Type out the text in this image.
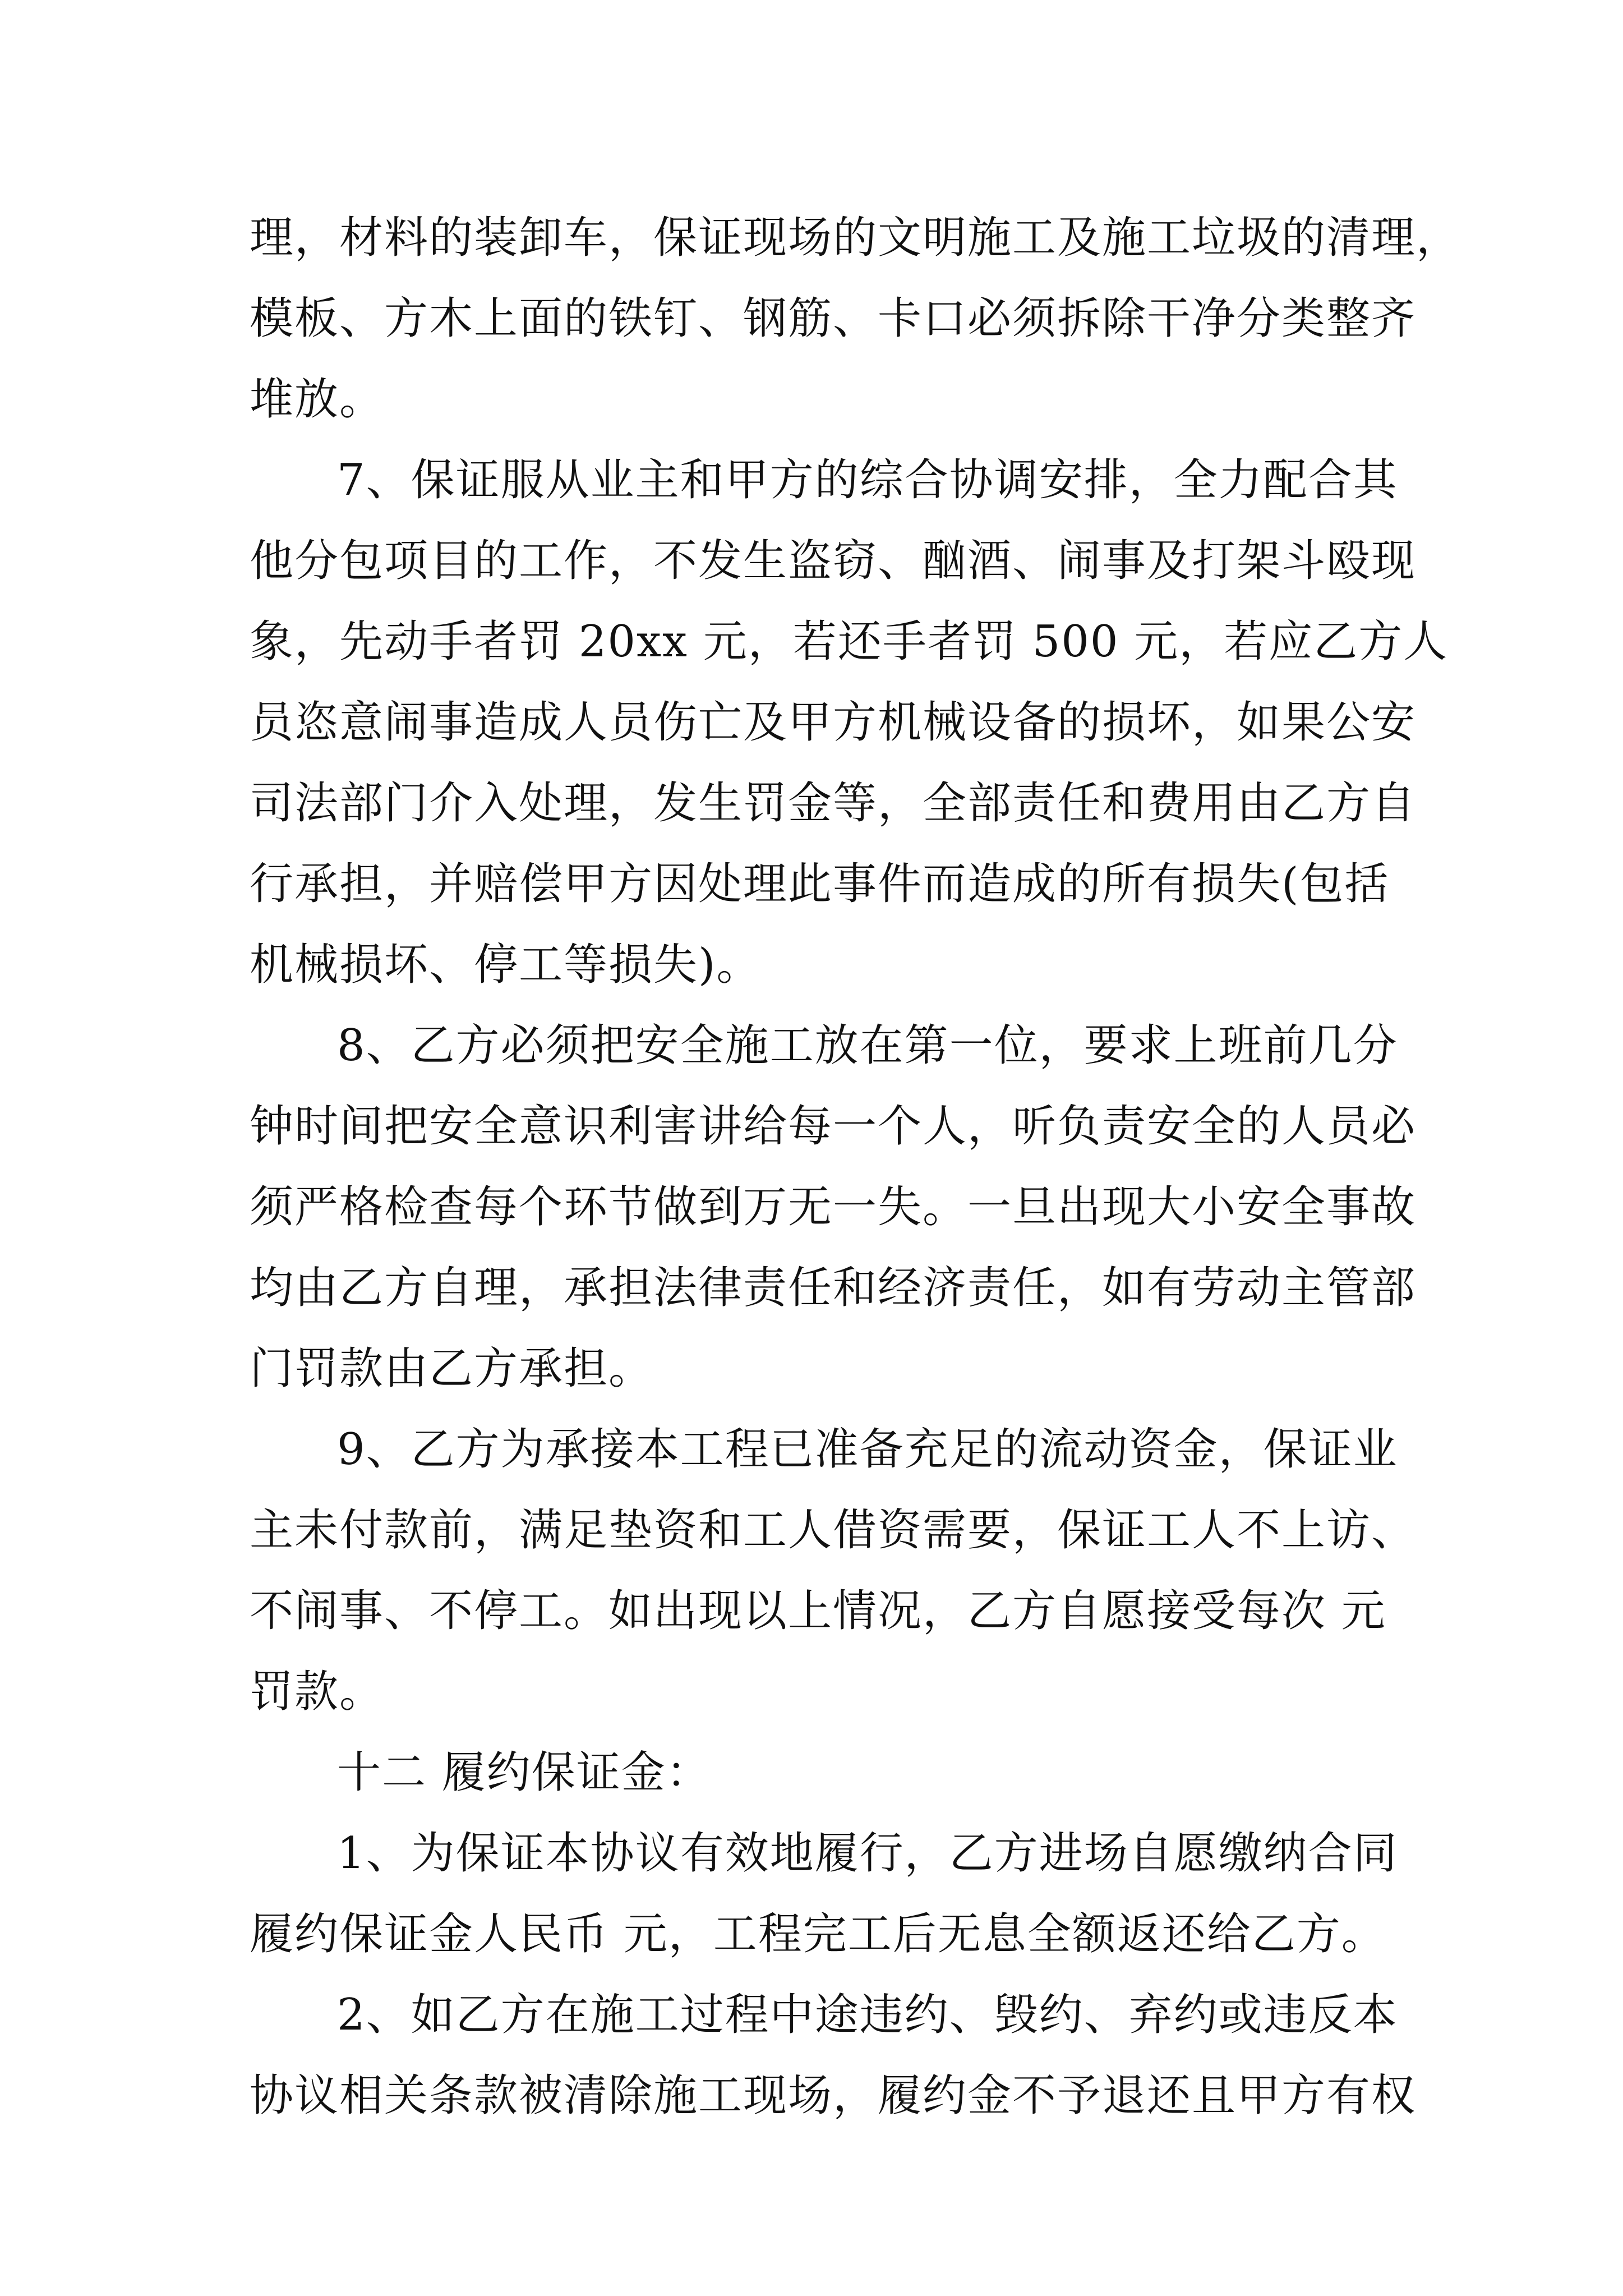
理，材料的装卸车，保证现场的文明施工及施工垃圾的清理，
模板、方木上面的铁钉、钢筋、卡口必须拆除干净分类整齐
堆放。
7、保证服从业主和甲方的综合协调安排，全力配合其
他分包项目的工作，不发生盗窃、酗酒、闹事及打架斗殴现
象，先动手者罚 20xx 元，若还手者罚 500 元，若应乙方人
员恣意闹事造成人员伤亡及甲方机械设备的损坏，如果公安
司法部门介入处理，发生罚金等，全部责任和费用由乙方自
行承担，并赔偿甲方因处理此事件而造成的所有损失(包括
机械损坏、停工等损失)。
8、乙方必须把安全施工放在第一位，要求上班前几分
钟时间把安全意识利害讲给每一个人，听负责安全的人员必
须严格检查每个环节做到万无一失。一旦出现大小安全事故
均由乙方自理，承担法律责任和经济责任，如有劳动主管部
门罚款由乙方承担。
9、乙方为承接本工程已准备充足的流动资金，保证业
主未付款前，满足垫资和工人借资需要，保证工人不上访、
不闹事、不停工。如出现以上情况，乙方自愿接受每次 元
罚款。
十二 履约保证金：
1、为保证本协议有效地履行，乙方进场自愿缴纳合同
履约保证金人民币 元，工程完工后无息全额返还给乙方。
2、如乙方在施工过程中途违约、毁约、弃约或违反本
协议相关条款被清除施工现场，履约金不予退还且甲方有权
